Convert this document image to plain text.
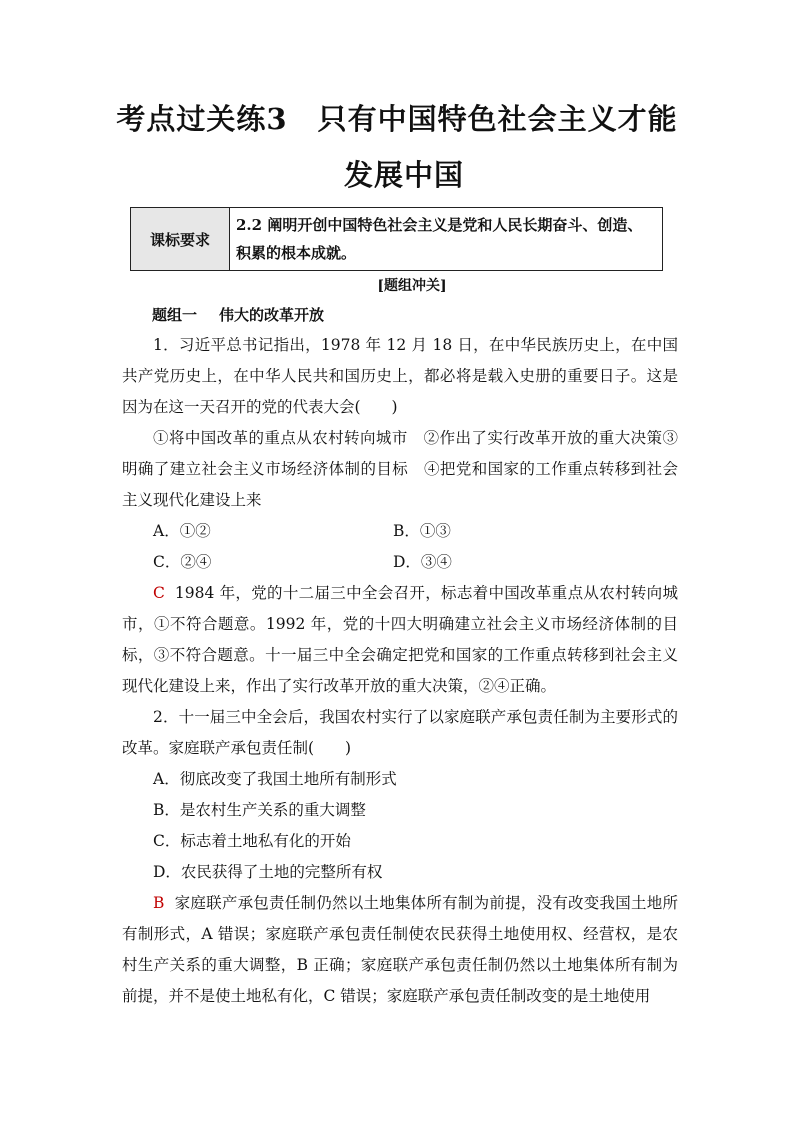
考点过关练3　只有中国特色社会主义才能
发展中国
课标要求
2.2 阐明开创中国特色社会主义是党和人民长期奋斗、创造、
积累的根本成就。
[题组冲关]
题组一 伟大的改革开放

1．习近平总书记指出，1978 年 12 月 18 日，在中华民族历史上，在中国共产党历史上，在中华人民共和国历史上，都必将是载入史册的重要日子。这是因为在这一天召开的党的代表大会(　　)

①将中国改革的重点从农村转向城市　②作出了实行改革开放的重大决策③明确了建立社会主义市场经济体制的目标　④把党和国家的工作重点转移到社会主义现代化建设上来

A．①②	B．①③
C．②④	D．③④

C 1984 年，党的十二届三中全会召开，标志着中国改革重点从农村转向城市，①不符合题意。1992 年，党的十四大明确建立社会主义市场经济体制的目标，③不符合题意。十一届三中全会确定把党和国家的工作重点转移到社会主义现代化建设上来，作出了实行改革开放的重大决策，②④正确。

2．十一届三中全会后，我国农村实行了以家庭联产承包责任制为主要形式的改革。家庭联产承包责任制(　　)

A．彻底改变了我国土地所有制形式

B．是农村生产关系的重大调整

C．标志着土地私有化的开始

D．农民获得了土地的完整所有权

B 家庭联产承包责任制仍然以土地集体所有制为前提，没有改变我国土地所有制形式，A 错误；家庭联产承包责任制使农民获得土地使用权、经营权，是农村生产关系的重大调整，B 正确；家庭联产承包责任制仍然以土地集体所有制为前提，并不是使土地私有化，C 错误；家庭联产承包责任制改变的是土地使用
